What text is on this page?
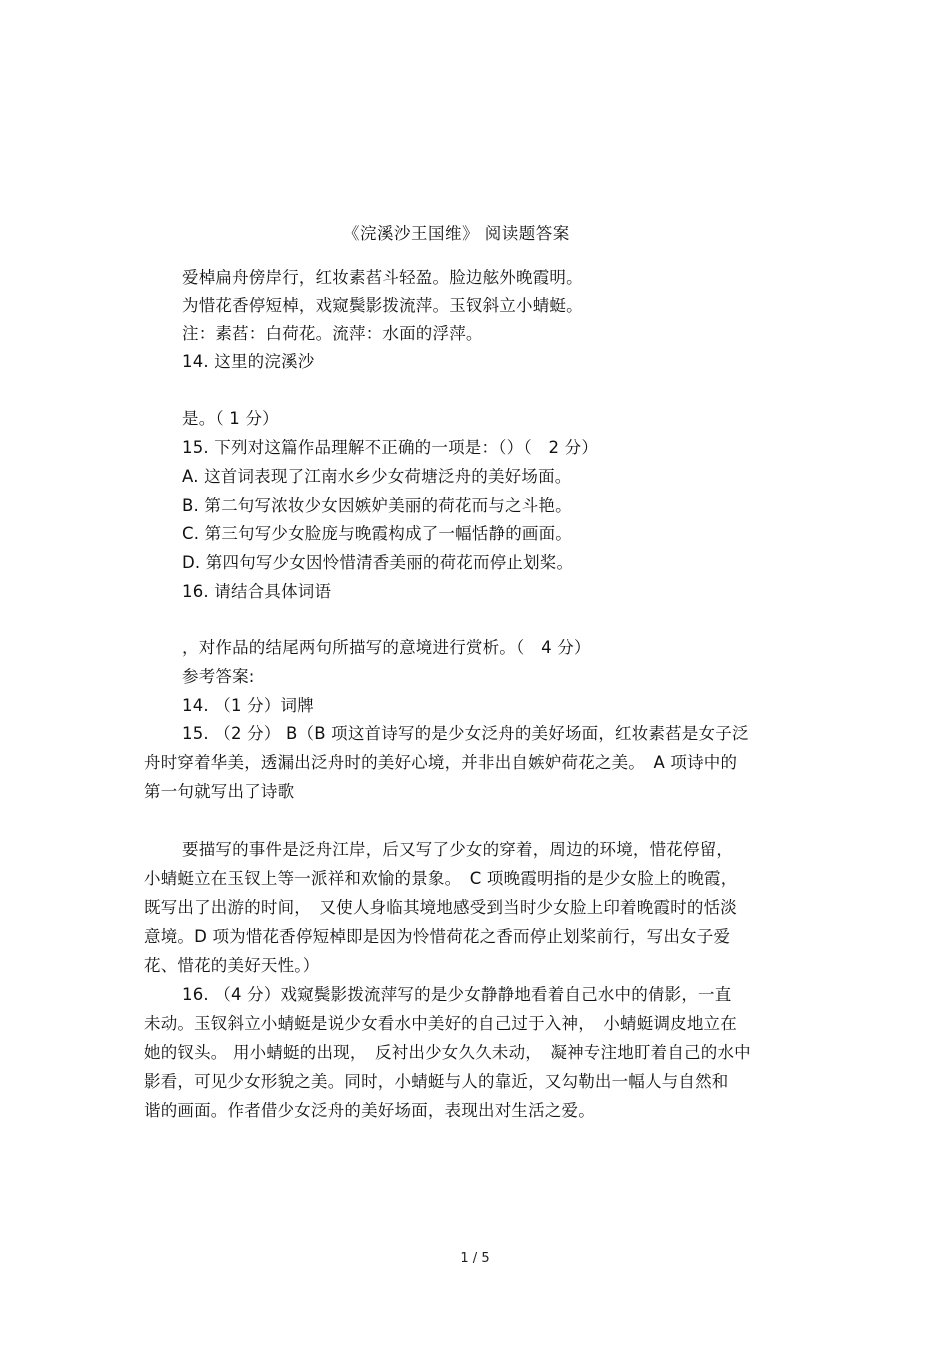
《浣溪沙王国维》 阅读题答案
爱棹扁舟傍岸行，红妆素萏斗轻盈。脸边舷外晚霞明。
为惜花香停短棹，戏窥鬓影拨流萍。玉钗斜立小蜻蜓。
注：素萏：白荷花。流萍：水面的浮萍。
14. 这里的浣溪沙
是。（ 1 分）
15. 下列对这篇作品理解不正确的一项是：（）（　2 分）
A. 这首词表现了江南水乡少女荷塘泛舟的美好场面。
B. 第二句写浓妆少女因嫉妒美丽的荷花而与之斗艳。
C. 第三句写少女脸庞与晚霞构成了一幅恬静的画面。
D. 第四句写少女因怜惜清香美丽的荷花而停止划桨。
16. 请结合具体词语
，对作品的结尾两句所描写的意境进行赏析。（　4 分）
参考答案:
14. （1 分）词牌
15. （2 分） B（B 项这首诗写的是少女泛舟的美好场面，红妆素萏是女子泛
舟时穿着华美，透漏出泛舟时的美好心境，并非出自嫉妒荷花之美。　A 项诗中的
第一句就写出了诗歌
要描写的事件是泛舟江岸，后又写了少女的穿着，周边的环境，惜花停留，
小蜻蜓立在玉钗上等一派祥和欢愉的景象。　C 项晚霞明指的是少女脸上的晚霞，
既写出了出游的时间，　又使人身临其境地感受到当时少女脸上印着晚霞时的恬淡
意境。D 项为惜花香停短棹即是因为怜惜荷花之香而停止划桨前行，写出女子爱
花、惜花的美好天性。）
16. （4 分）戏窥鬓影拨流萍写的是少女静静地看着自己水中的倩影，一直
未动。玉钗斜立小蜻蜓是说少女看水中美好的自己过于入神，　小蜻蜓调皮地立在
她的钗头。 用小蜻蜓的出现，　反衬出少女久久未动，　凝神专注地盯着自己的水中
影看，可见少女形貌之美。同时，小蜻蜓与人的靠近，又勾勒出一幅人与自然和
谐的画面。作者借少女泛舟的美好场面，表现出对生活之爱。
1 / 5
